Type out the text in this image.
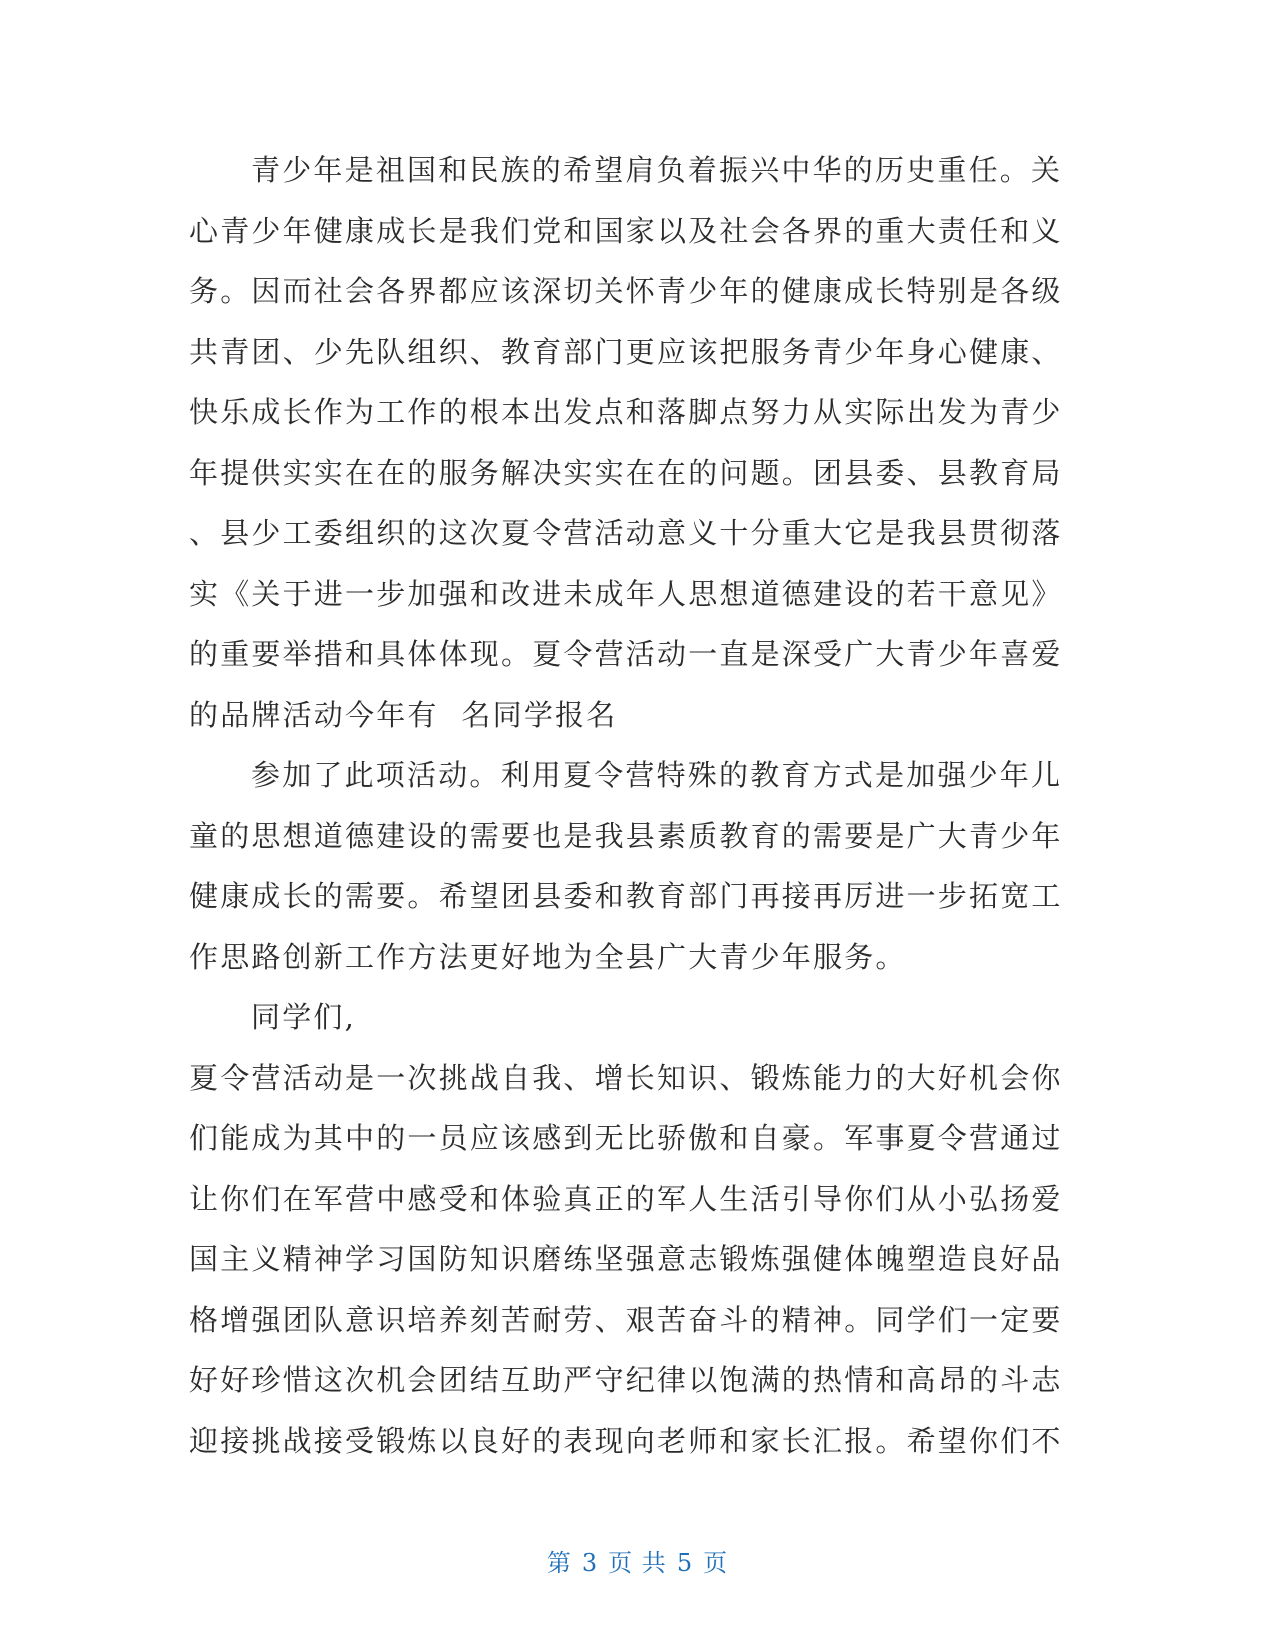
青少年是祖国和民族的希望肩负着振兴中华的历史重任。关
心青少年健康成长是我们党和国家以及社会各界的重大责任和义
务。因而社会各界都应该深切关怀青少年的健康成长特别是各级
共青团、少先队组织、教育部门更应该把服务青少年身心健康、
快乐成长作为工作的根本出发点和落脚点努力从实际出发为青少
年提供实实在在的服务解决实实在在的问题。团县委、县教育局
、县少工委组织的这次夏令营活动意义十分重大它是我县贯彻落
实《关于进一步加强和改进未成年人思想道德建设的若干意见》
的重要举措和具体体现。夏令营活动一直是深受广大青少年喜爱
的品牌活动今年有  名同学报名
参加了此项活动。利用夏令营特殊的教育方式是加强少年儿
童的思想道德建设的需要也是我县素质教育的需要是广大青少年
健康成长的需要。希望团县委和教育部门再接再厉进一步拓宽工
作思路创新工作方法更好地为全县广大青少年服务。
同学们,
夏令营活动是一次挑战自我、增长知识、锻炼能力的大好机会你
们能成为其中的一员应该感到无比骄傲和自豪。军事夏令营通过
让你们在军营中感受和体验真正的军人生活引导你们从小弘扬爱
国主义精神学习国防知识磨练坚强意志锻炼强健体魄塑造良好品
格增强团队意识培养刻苦耐劳、艰苦奋斗的精神。同学们一定要
好好珍惜这次机会团结互助严守纪律以饱满的热情和高昂的斗志
迎接挑战接受锻炼以良好的表现向老师和家长汇报。希望你们不
第 3 页 共 5 页
